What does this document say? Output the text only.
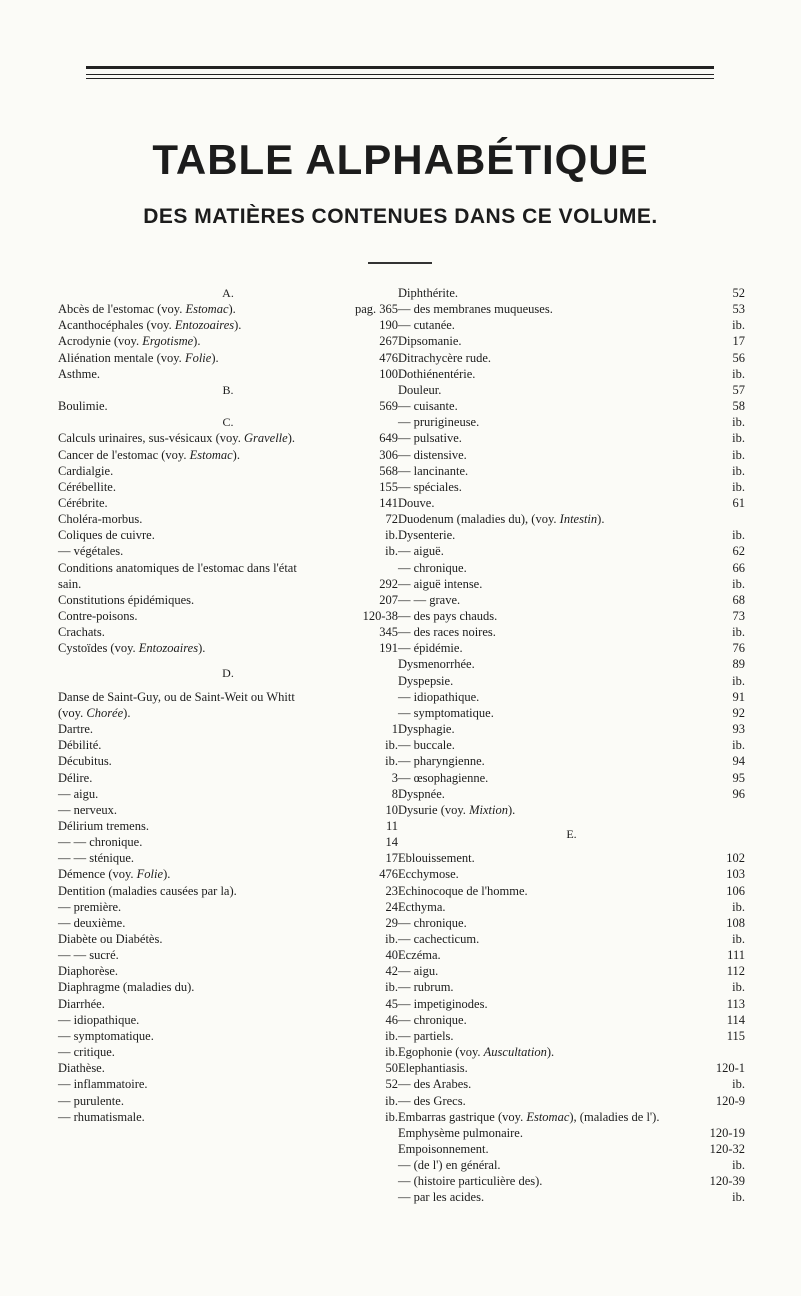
TABLE ALPHABÉTIQUE
DES MATIÈRES CONTENUES DANS CE VOLUME.
A.
Abcès de l'estomac (voy. Estomac).	pag. 365
Acanthocéphales (voy. Entozoaires).	190
Acrodynie (voy. Ergotisme).	267
Aliénation mentale (voy. Folie).	476
Asthme.	100
B.
Boulimie.	569
C.
Calculs urinaires, sus-vésicaux (voy. Gravelle).	649
Cancer de l'estomac (voy. Estomac).	306
Cardialgie.	568
Cérébellite.	155
Cérébrite.	141
Choléra-morbus.	72
Coliques de cuivre.	ib.
— végétales.	ib.
Conditions anatomiques de l'estomac dans l'état
sain.	292
Constitutions épidémiques.	207
Contre-poisons.	120-38
Crachats.	345
Cystoïdes (voy. Entozoaires).	191
D.
Danse de Saint-Guy, ou de Saint-Weit ou Whitt
(voy. Chorée).
Dartre.	1
Débilité.	ib.
Décubitus.	ib.
Délire.	3
— aigu.	8
— nerveux.	10
Délirium tremens.	11
— — chronique.	14
— — sténique.	17
Démence (voy. Folie).	476
Dentition (maladies causées par la).	23
— première.	24
— deuxième.	29
Diabète ou Diabétès.	ib.
— — sucré.	40
Diaphorèse.	42
Diaphragme (maladies du).	ib.
Diarrhée.	45
— idiopathique.	46
— symptomatique.	ib.
— critique.	ib.
Diathèse.	50
— inflammatoire.	52
— purulente.	ib.
— rhumatismale.	ib.
Diphthérite.	52
— des membranes muqueuses.	53
— cutanée.	ib.
Dipsomanie.	17
Ditrachycère rude.	56
Dothiénentérie.	ib.
Douleur.	57
— cuisante.	58
— prurigineuse.	ib.
— pulsative.	ib.
— distensive.	ib.
— lancinante.	ib.
— spéciales.	ib.
Douve.	61
Duodenum (maladies du), (voy. Intestin).
Dysenterie.	ib.
— aiguë.	62
— chronique.	66
— aiguë intense.	ib.
— — grave.	68
— des pays chauds.	73
— des races noires.	ib.
— épidémie.	76
Dysmenorrhée.	89
Dyspepsie.	ib.
— idiopathique.	91
— symptomatique.	92
Dysphagie.	93
— buccale.	ib.
— pharyngienne.	94
— œsophagienne.	95
Dyspnée.	96
Dysurie (voy. Mixtion).
E.
Eblouissement.	102
Ecchymose.	103
Echinocoque de l'homme.	106
Ecthyma.	ib.
— chronique.	108
— cachecticum.	ib.
Eczéma.	111
— aigu.	112
— rubrum.	ib.
— impetiginodes.	113
— chronique.	114
— partiels.	115
Egophonie (voy. Auscultation).
Elephantiasis.	120-1
— des Arabes.	ib.
— des Grecs.	120-9
Embarras gastrique (voy. Estomac), (maladies de l').
Emphysème pulmonaire.	120-19
Empoisonnement.	120-32
— (de l') en général.	ib.
— (histoire particulière des).	120-39
— par les acides.	ib.
